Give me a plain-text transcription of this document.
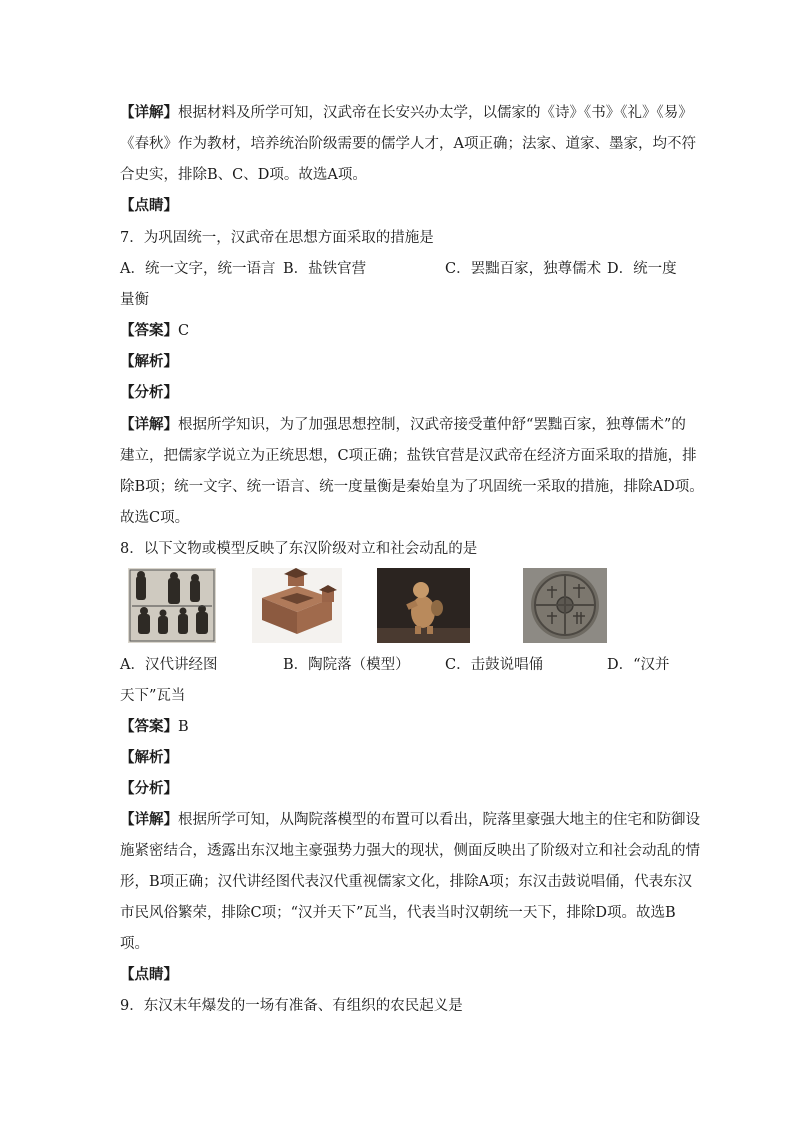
【详解】根据材料及所学可知，汉武帝在长安兴办太学，以儒家的《诗》《书》《礼》《易》
《春秋》作为教材，培养统治阶级需要的儒学人才，A项正确；法家、道家、墨家，均不符
合史实，排除B、C、D项。故选A项。
【点睛】
7．为巩固统一，汉武帝在思想方面采取的措施是
A．统一文字，统一语言 B．盐铁官营	C．罢黜百家，独尊儒术 D．统一度
量衡
【答案】C
【解析】
【分析】
【详解】根据所学知识，为了加强思想控制，汉武帝接受董仲舒“罢黜百家，独尊儒术”的
建立，把儒家学说立为正统思想，C项正确；盐铁官营是汉武帝在经济方面采取的措施，排
除B项；统一文字、统一语言、统一度量衡是秦始皇为了巩固统一采取的措施，排除AD项。
故选C项。
8．以下文物或模型反映了东汉阶级对立和社会动乱的是
A．汉代讲经图	B．陶院落（模型） C．击鼓说唱俑	D．“汉并
天下”瓦当
【答案】B
【解析】
【分析】
【详解】根据所学可知，从陶院落模型的布置可以看出，院落里豪强大地主的住宅和防御设
施紧密结合，透露出东汉地主豪强势力强大的现状，侧面反映出了阶级对立和社会动乱的情
形，B项正确；汉代讲经图代表汉代重视儒家文化，排除A项；东汉击鼓说唱俑，代表东汉
市民风俗繁荣，排除C项；“汉并天下”瓦当，代表当时汉朝统一天下，排除D项。故选B
项。
【点睛】
9．东汉末年爆发的一场有准备、有组织的农民起义是
